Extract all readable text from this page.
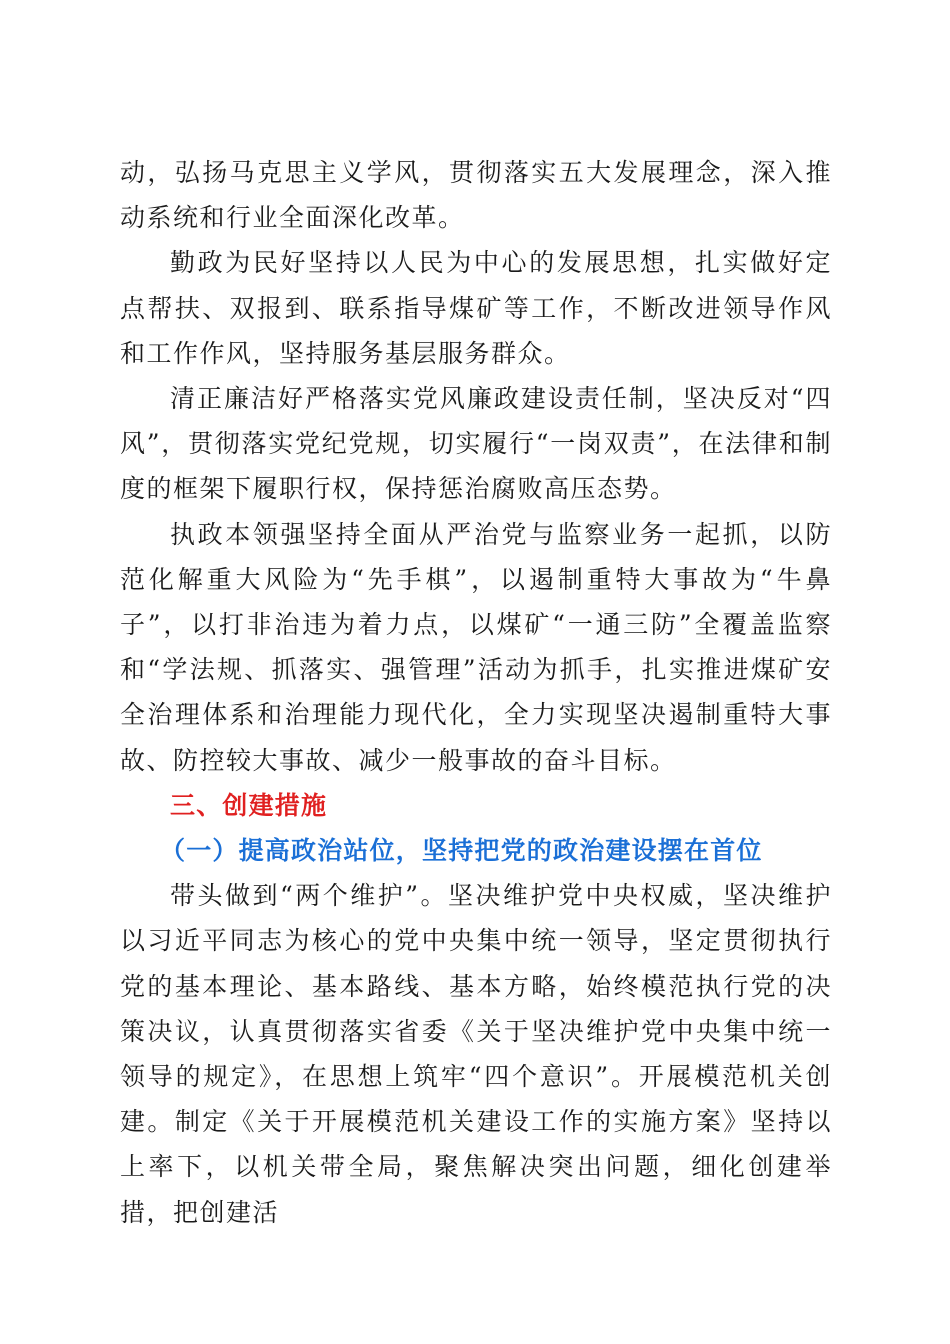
动，弘扬马克思主义学风，贯彻落实五大发展理念，深入推动系统和行业全面深化改革。

勤政为民好坚持以人民为中心的发展思想，扎实做好定点帮扶、双报到、联系指导煤矿等工作，不断改进领导作风和工作作风，坚持服务基层服务群众。

清正廉洁好严格落实党风廉政建设责任制，坚决反对“四风”，贯彻落实党纪党规，切实履行“一岗双责”，在法律和制度的框架下履职行权，保持惩治腐败高压态势。

执政本领强坚持全面从严治党与监察业务一起抓，以防范化解重大风险为“先手棋”，以遏制重特大事故为“牛鼻子”，以打非治违为着力点，以煤矿“一通三防”全覆盖监察和“学法规、抓落实、强管理”活动为抓手，扎实推进煤矿安全治理体系和治理能力现代化，全力实现坚决遏制重特大事故、防控较大事故、减少一般事故的奋斗目标。

三、创建措施
（一）提高政治站位，坚持把党的政治建设摆在首位

带头做到“两个维护”。坚决维护党中央权威，坚决维护以习近平同志为核心的党中央集中统一领导，坚定贯彻执行党的基本理论、基本路线、基本方略，始终模范执行党的决策决议，认真贯彻落实省委《关于坚决维护党中央集中统一领导的规定》，在思想上筑牢“四个意识”。开展模范机关创建。制定《关于开展模范机关建设工作的实施方案》坚持以上率下，以机关带全局，聚焦解决突出问题，细化创建举措，把创建活
